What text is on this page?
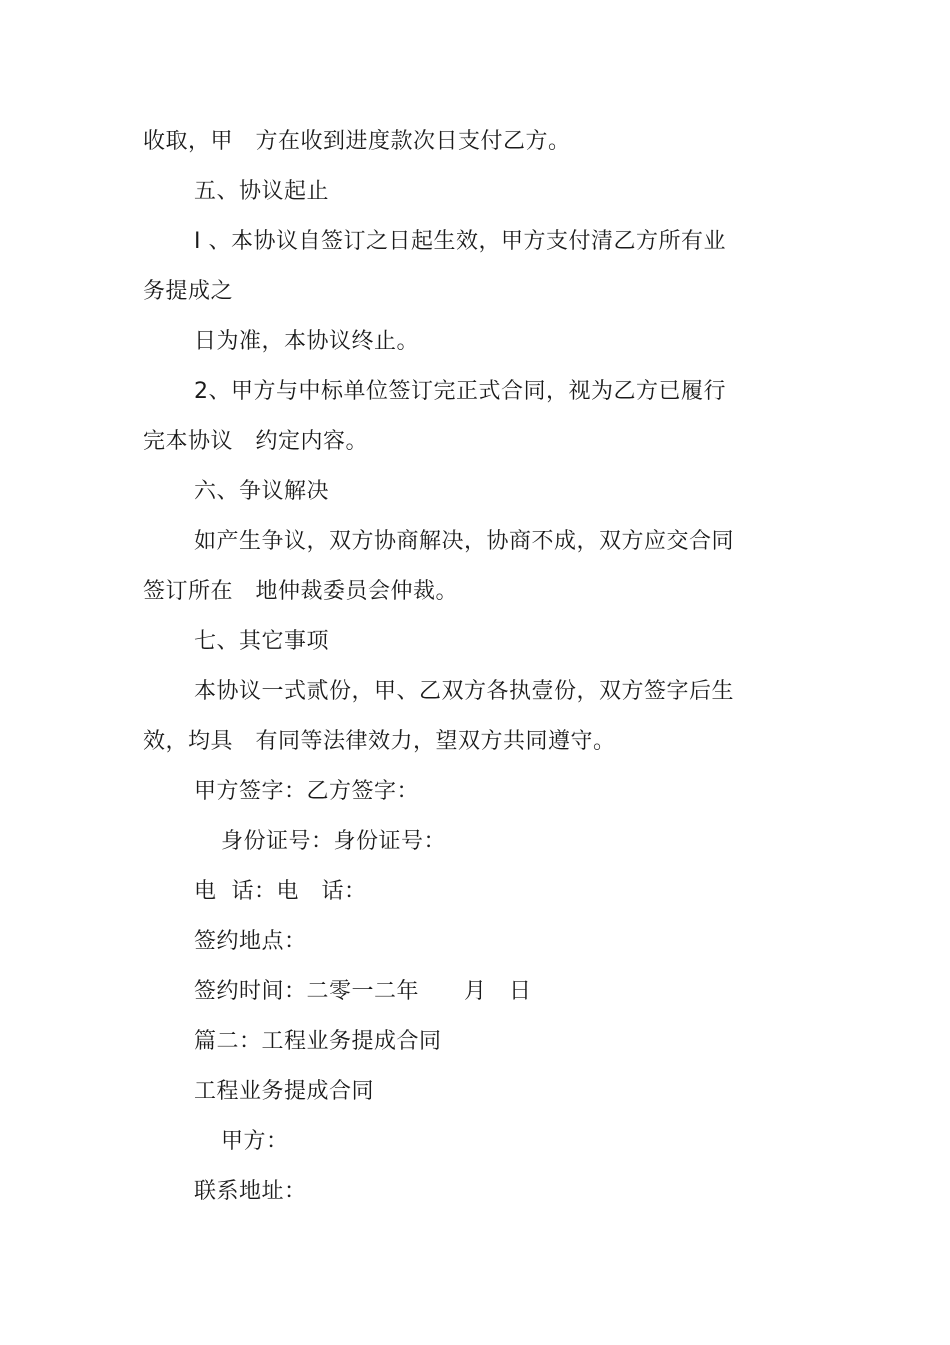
收取，甲　方在收到进度款次日支付乙方。
五、协议起止
I 、本协议自签订之日起生效，甲方支付清乙方所有业
务提成之
日为准，本协议终止。
2、甲方与中标单位签订完正式合同，视为乙方已履行
完本协议　约定内容。
六、争议解决
如产生争议，双方协商解决，协商不成，双方应交合同
签订所在　地仲裁委员会仲裁。
七、其它事项
本协议一式贰份，甲、乙双方各执壹份，双方签字后生
效，均具　有同等法律效力，望双方共同遵守。
甲方签字：乙方签字：
身份证号：身份证号：
电  话：电　话：
签约地点：
签约时间：二零一二年　　月　日
篇二：工程业务提成合同
工程业务提成合同
甲方：
联系地址：
